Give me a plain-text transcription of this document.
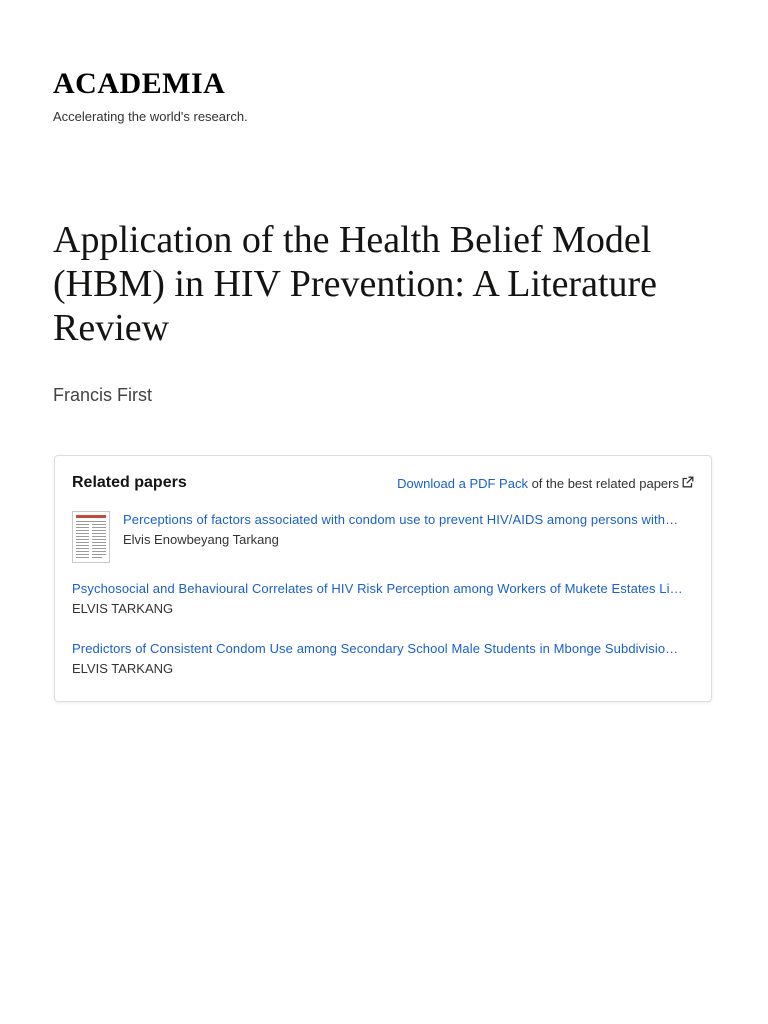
ACADEMIA
Accelerating the world's research.
Application of the Health Belief Model (HBM) in HIV Prevention: A Literature Review
Francis First
Related papers	Download a PDF Pack of the best related papers
Perceptions of factors associated with condom use to prevent HIV/AIDS among persons with…
Elvis Enowbeyang Tarkang
Psychosocial and Behavioural Correlates of HIV Risk Perception among Workers of Mukete Estates Li…
ELVIS TARKANG
Predictors of Consistent Condom Use among Secondary School Male Students in Mbonge Subdivisio…
ELVIS TARKANG
